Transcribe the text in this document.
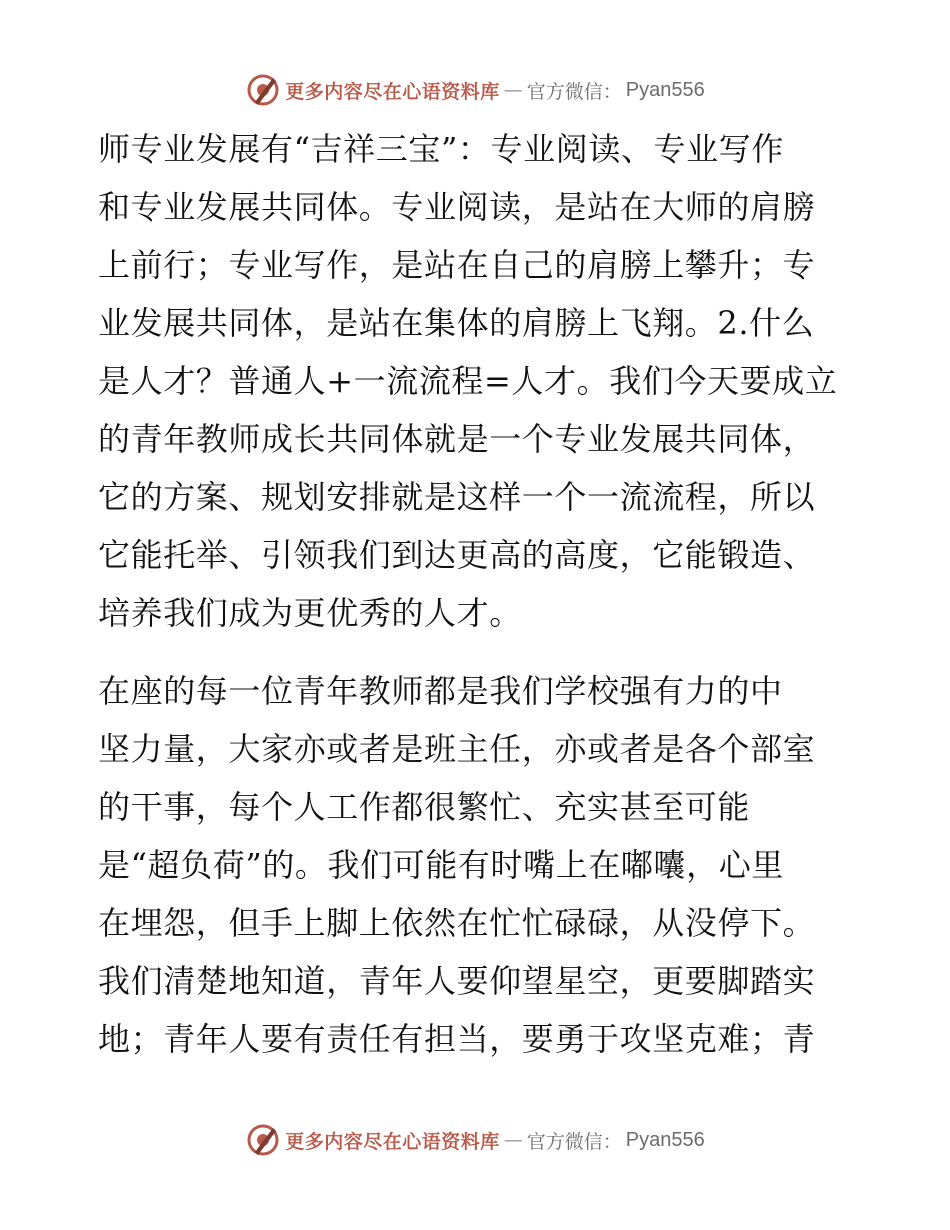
更多内容尽在心语资料库 — 官方微信： Pyan556
师专业发展有“吉祥三宝”：专业阅读、专业写作
和专业发展共同体。专业阅读，是站在大师的肩膀
上前行；专业写作，是站在自己的肩膀上攀升；专
业发展共同体，是站在集体的肩膀上飞翔。2.什么
是人才？普通人+一流流程=人才。我们今天要成立
的青年教师成长共同体就是一个专业发展共同体，
它的方案、规划安排就是这样一个一流流程，所以
它能托举、引领我们到达更高的高度，它能锻造、
培养我们成为更优秀的人才。
在座的每一位青年教师都是我们学校强有力的中
坚力量，大家亦或者是班主任，亦或者是各个部室
的干事，每个人工作都很繁忙、充实甚至可能
是“超负荷”的。我们可能有时嘴上在嘟囔，心里
在埋怨，但手上脚上依然在忙忙碌碌，从没停下。
我们清楚地知道，青年人要仰望星空，更要脚踏实
地；青年人要有责任有担当，要勇于攻坚克难；青
更多内容尽在心语资料库 — 官方微信： Pyan556
